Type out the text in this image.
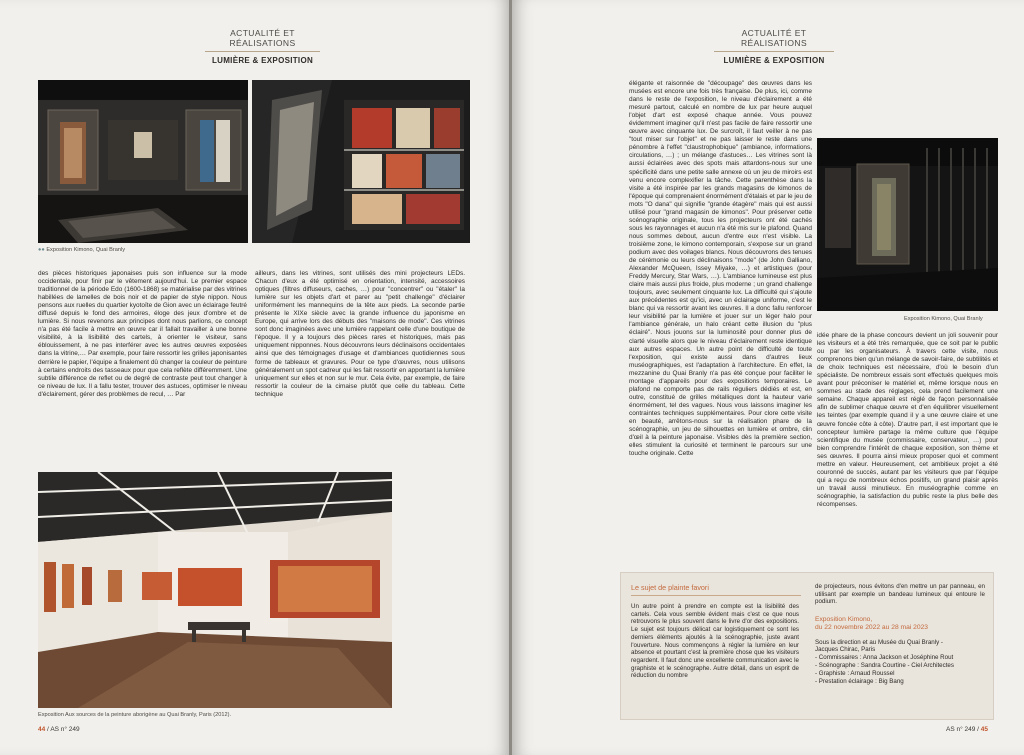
ACTUALITÉ ET RÉALISATIONS
LUMIÈRE & EXPOSITION
●● Exposition Kimono, Quai Branly

des pièces historiques japonaises puis son influence sur la mode occidentale, pour finir par le vêtement aujourd'hui. Le premier espace traditionnel de la période Edo (1600-1868) se matérialise par des vitrines habillées de lamelles de bois noir et de papier de style nippon. Nous pensons aux ruelles du quartier kyotoïte de Gion avec un éclairage feutré diffusé depuis le fond des armoires, éloge des jeux d'ombre et de lumière. Si nous revenons aux principes dont nous parlions, ce concept n'a pas été facile à mettre en œuvre car il fallait travailler à une bonne visibilité, à la lisibilité des cartels, à orienter le visiteur, sans éblouissement, à ne pas interférer avec les autres œuvres exposées dans la vitrine,… Par exemple, pour faire ressortir les grilles japonisantes derrière le papier, l'équipe a finalement dû changer la couleur de peinture à certains endroits des tasseaux pour que cela reflète différemment. Une subtile différence de reflet ou de degré de contraste peut tout changer à ce niveau de lux. Il a fallu tester, trouver des astuces, optimiser le niveau d'éclairement, gérer des problèmes de recul, … Par

ailleurs, dans les vitrines, sont utilisés des mini projecteurs LEDs. Chacun d'eux a été optimisé en orientation, intensité, accessoires optiques (filtres diffuseurs, caches, …) pour "concentrer" ou "étaler" la lumière sur les objets d'art et parer au "petit challenge" d'éclairer uniformément les mannequins de la tête aux pieds. La seconde partie présente le XIXe siècle avec la grande influence du japonisme en Europe, qui arrive lors des débuts des "maisons de mode". Ces vitrines sont donc imaginées avec une lumière rappelant celle d'une boutique de l'époque. Il y a toujours des pièces rares et historiques, mais pas uniquement nipponnes. Nous découvrons leurs déclinaisons occidentales ainsi que des témoignages d'usage et d'ambiances quotidiennes sous forme de tableaux et gravures. Pour ce type d'œuvres, nous utilisons généralement un spot cadreur qui les fait ressortir en apportant la lumière uniquement sur elles et non sur le mur. Cela évite, par exemple, de faire ressortir la couleur de la cimaise plutôt que celle du tableau. Cette technique

Exposition Aux sources de la peinture aborigène au Quai Branly, Paris (2012).
44 / AS n° 249
ACTUALITÉ ET RÉALISATIONS
LUMIÈRE & EXPOSITION

élégante et raisonnée de "découpage" des œuvres dans les musées est encore une fois très française. De plus, ici, comme dans le reste de l'exposition, le niveau d'éclairement a été mesuré partout, calculé en nombre de lux par heure auquel l'objet d'art est exposé chaque année. Vous pouvez évidemment imaginer qu'il n'est pas facile de faire ressortir une œuvre avec cinquante lux. De surcroît, il faut veiller à ne pas "tout miser sur l'objet" et ne pas laisser le reste dans une pénombre à l'effet "claustrophobique" (ambiance, informations, circulations, …) ; un mélange d'astuces… Les vitrines sont là aussi éclairées avec des spots mais attardons-nous sur une spécificité dans une petite salle annexe où un jeu de miroirs est venu encore complexifier la tâche. Cette parenthèse dans la visite a été inspirée par les grands magasins de kimonos de l'époque qui comprenaient énormément d'étalais et par le jeu de mots "O dana" qui signifie "grande étagère" mais qui est aussi utilisé pour "grand magasin de kimonos". Pour préserver cette scénographie originale, tous les projecteurs ont été cachés sous les rayonnages et aucun n'a été mis sur le plafond. Quand nous sommes debout, aucun d'entre eux n'est visible. La troisième zone, le kimono contemporain, s'expose sur un grand podium avec des voilages blancs. Nous découvrons des tenues de cérémonie ou leurs déclinaisons "mode" (de John Galliano, Alexander McQueen, Issey Miyake, …) et artistiques (pour Freddy Mercury, Star Wars, …). L'ambiance lumineuse est plus claire mais aussi plus froide, plus moderne ; un grand challenge toujours, avec seulement cinquante lux. La difficulté qui s'ajoute aux précédentes est qu'ici, avec un éclairage uniforme, c'est le blanc qui va ressortir avant les œuvres. Il a donc fallu renforcer leur visibilité par la lumière et jouer sur un léger halo pour l'ambiance générale, un halo créant cette illusion du "plus éclairé". Nous jouons sur la luminosité pour donner plus de clarté visuelle alors que le niveau d'éclairement reste identique aux autres espaces. Un autre point de difficulté de toute l'exposition, qui existe aussi dans d'autres lieux muséographiques, est l'adaptation à l'architecture. En effet, la mezzanine du Quai Branly n'a pas été conçue pour faciliter le montage d'appareils pour des expositions temporaires. Le plafond ne comporte pas de rails réguliers dédiés et est, en outre, constitué de grilles métalliques dont la hauteur varie énormément, tel des vagues. Nous vous laissons imaginer les contraintes techniques supplémentaires. Pour clore cette visite en beauté, arrêtons-nous sur la réalisation phare de la scénographie, un jeu de silhouettes en lumière et ombre, clin d'œil à la peinture japonaise. Visibles dès la première section, elles stimulent la curiosité et terminent le parcours sur une touche originale. Cette

Exposition Kimono, Quai Branly

idée phare de la phase concours devient un joli souvenir pour les visiteurs et a été très remarquée, que ce soit par le public ou par les organisateurs. À travers cette visite, nous comprenons bien qu'un mélange de savoir-faire, de subtilités et de choix techniques est nécessaire, d'où le besoin d'un spécialiste. De nombreux essais sont effectués quelques mois avant pour préconiser le matériel et, même lorsque nous en sommes au stade des réglages, cela prend facilement une semaine. Chaque appareil est réglé de façon personnalisée afin de sublimer chaque œuvre et d'en équilibrer visuellement les teintes (par exemple quand il y a une œuvre claire et une œuvre foncée côte à côte). D'autre part, il est important que le concepteur lumière partage la même culture que l'équipe scientifique du musée (commissaire, conservateur, …) pour bien comprendre l'intérêt de chaque exposition, son thème et ses œuvres. Il pourra ainsi mieux proposer quoi et comment mettre en valeur. Heureusement, cet ambitieux projet a été couronné de succès, autant par les visiteurs que par l'équipe qui a reçu de nombreux échos positifs, un grand plaisir après un travail aussi minutieux. En muséographie comme en scénographie, la satisfaction du public reste la plus belle des récompenses.

Le sujet de plainte favori

Un autre point à prendre en compte est la lisibilité des cartels. Cela vous semble évident mais c'est ce que nous retrouvons le plus souvent dans le livre d'or des expositions. Le sujet est toujours délicat car logistiquement ce sont les derniers éléments ajoutés à la scénographie, juste avant l'ouverture. Nous commençons à régler la lumière en leur absence et pourtant c'est la première chose que les visiteurs regardent. Il faut donc une excellente communication avec le graphiste et le scénographe. Autre détail, dans un esprit de réduction du nombre

de projecteurs, nous évitons d'en mettre un par panneau, en utilisant par exemple un bandeau lumineux qui entoure le podium.

Exposition Kimono,
du 22 novembre 2022 au 28 mai 2023
Sous la direction et au Musée du Quai Branly -
Jacques Chirac, Paris
- Commissaires : Anna Jackson et Joséphine Rout
- Scénographe : Sandra Courtine - Ciel Architectes
- Graphiste : Arnaud Roussel
- Prestation éclairage : Big Bang
AS n° 249 / 45
